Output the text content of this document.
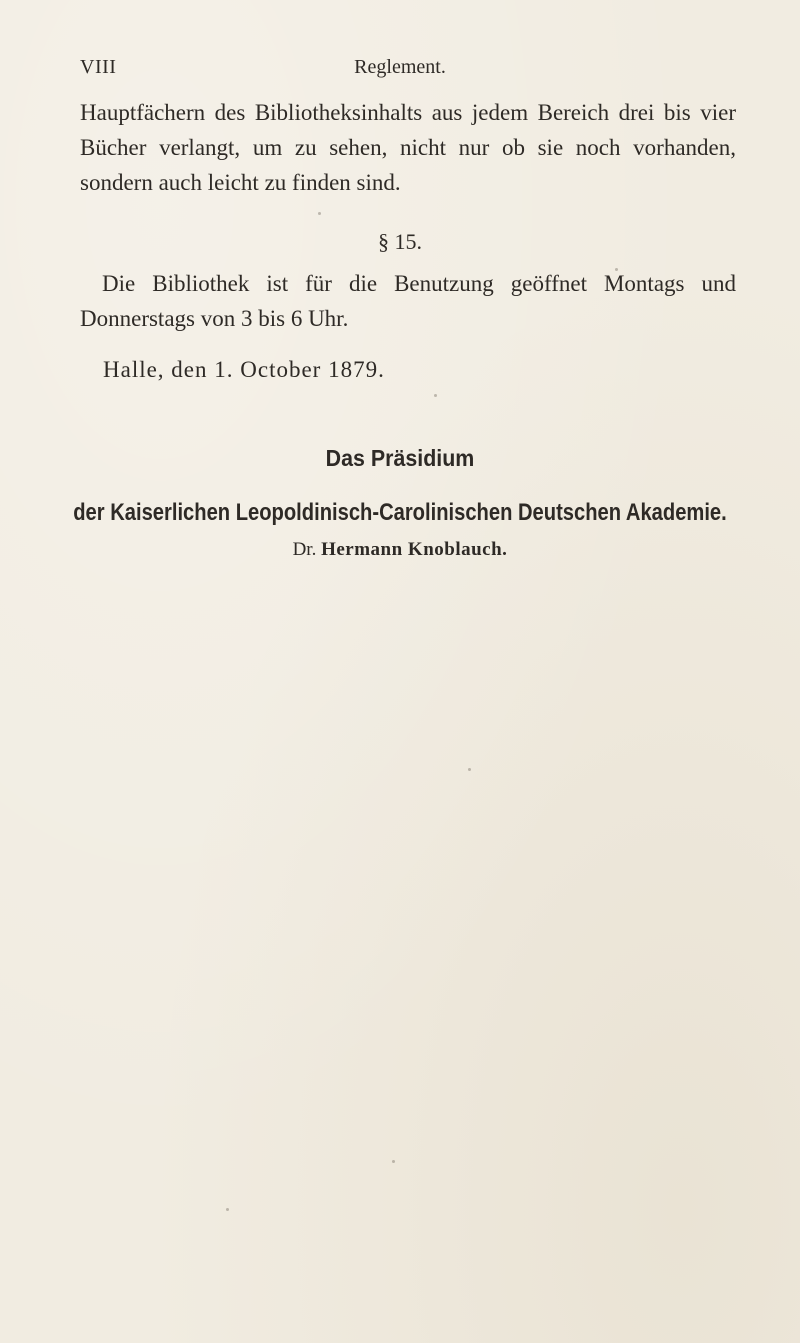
VIII	Reglement.

Hauptfächern des Bibliotheksinhalts aus jedem Bereich drei bis vier Bücher verlangt, um zu sehen, nicht nur ob sie noch vorhanden, sondern auch leicht zu finden sind.

§ 15.

Die Bibliothek ist für die Benutzung geöffnet Montags und Donnerstags von 3 bis 6 Uhr.

Halle, den 1. October 1879.
Das Präsidium
der Kaiserlichen Leopoldinisch-Carolinischen Deutschen Akademie.
Dr. Hermann Knoblauch.
